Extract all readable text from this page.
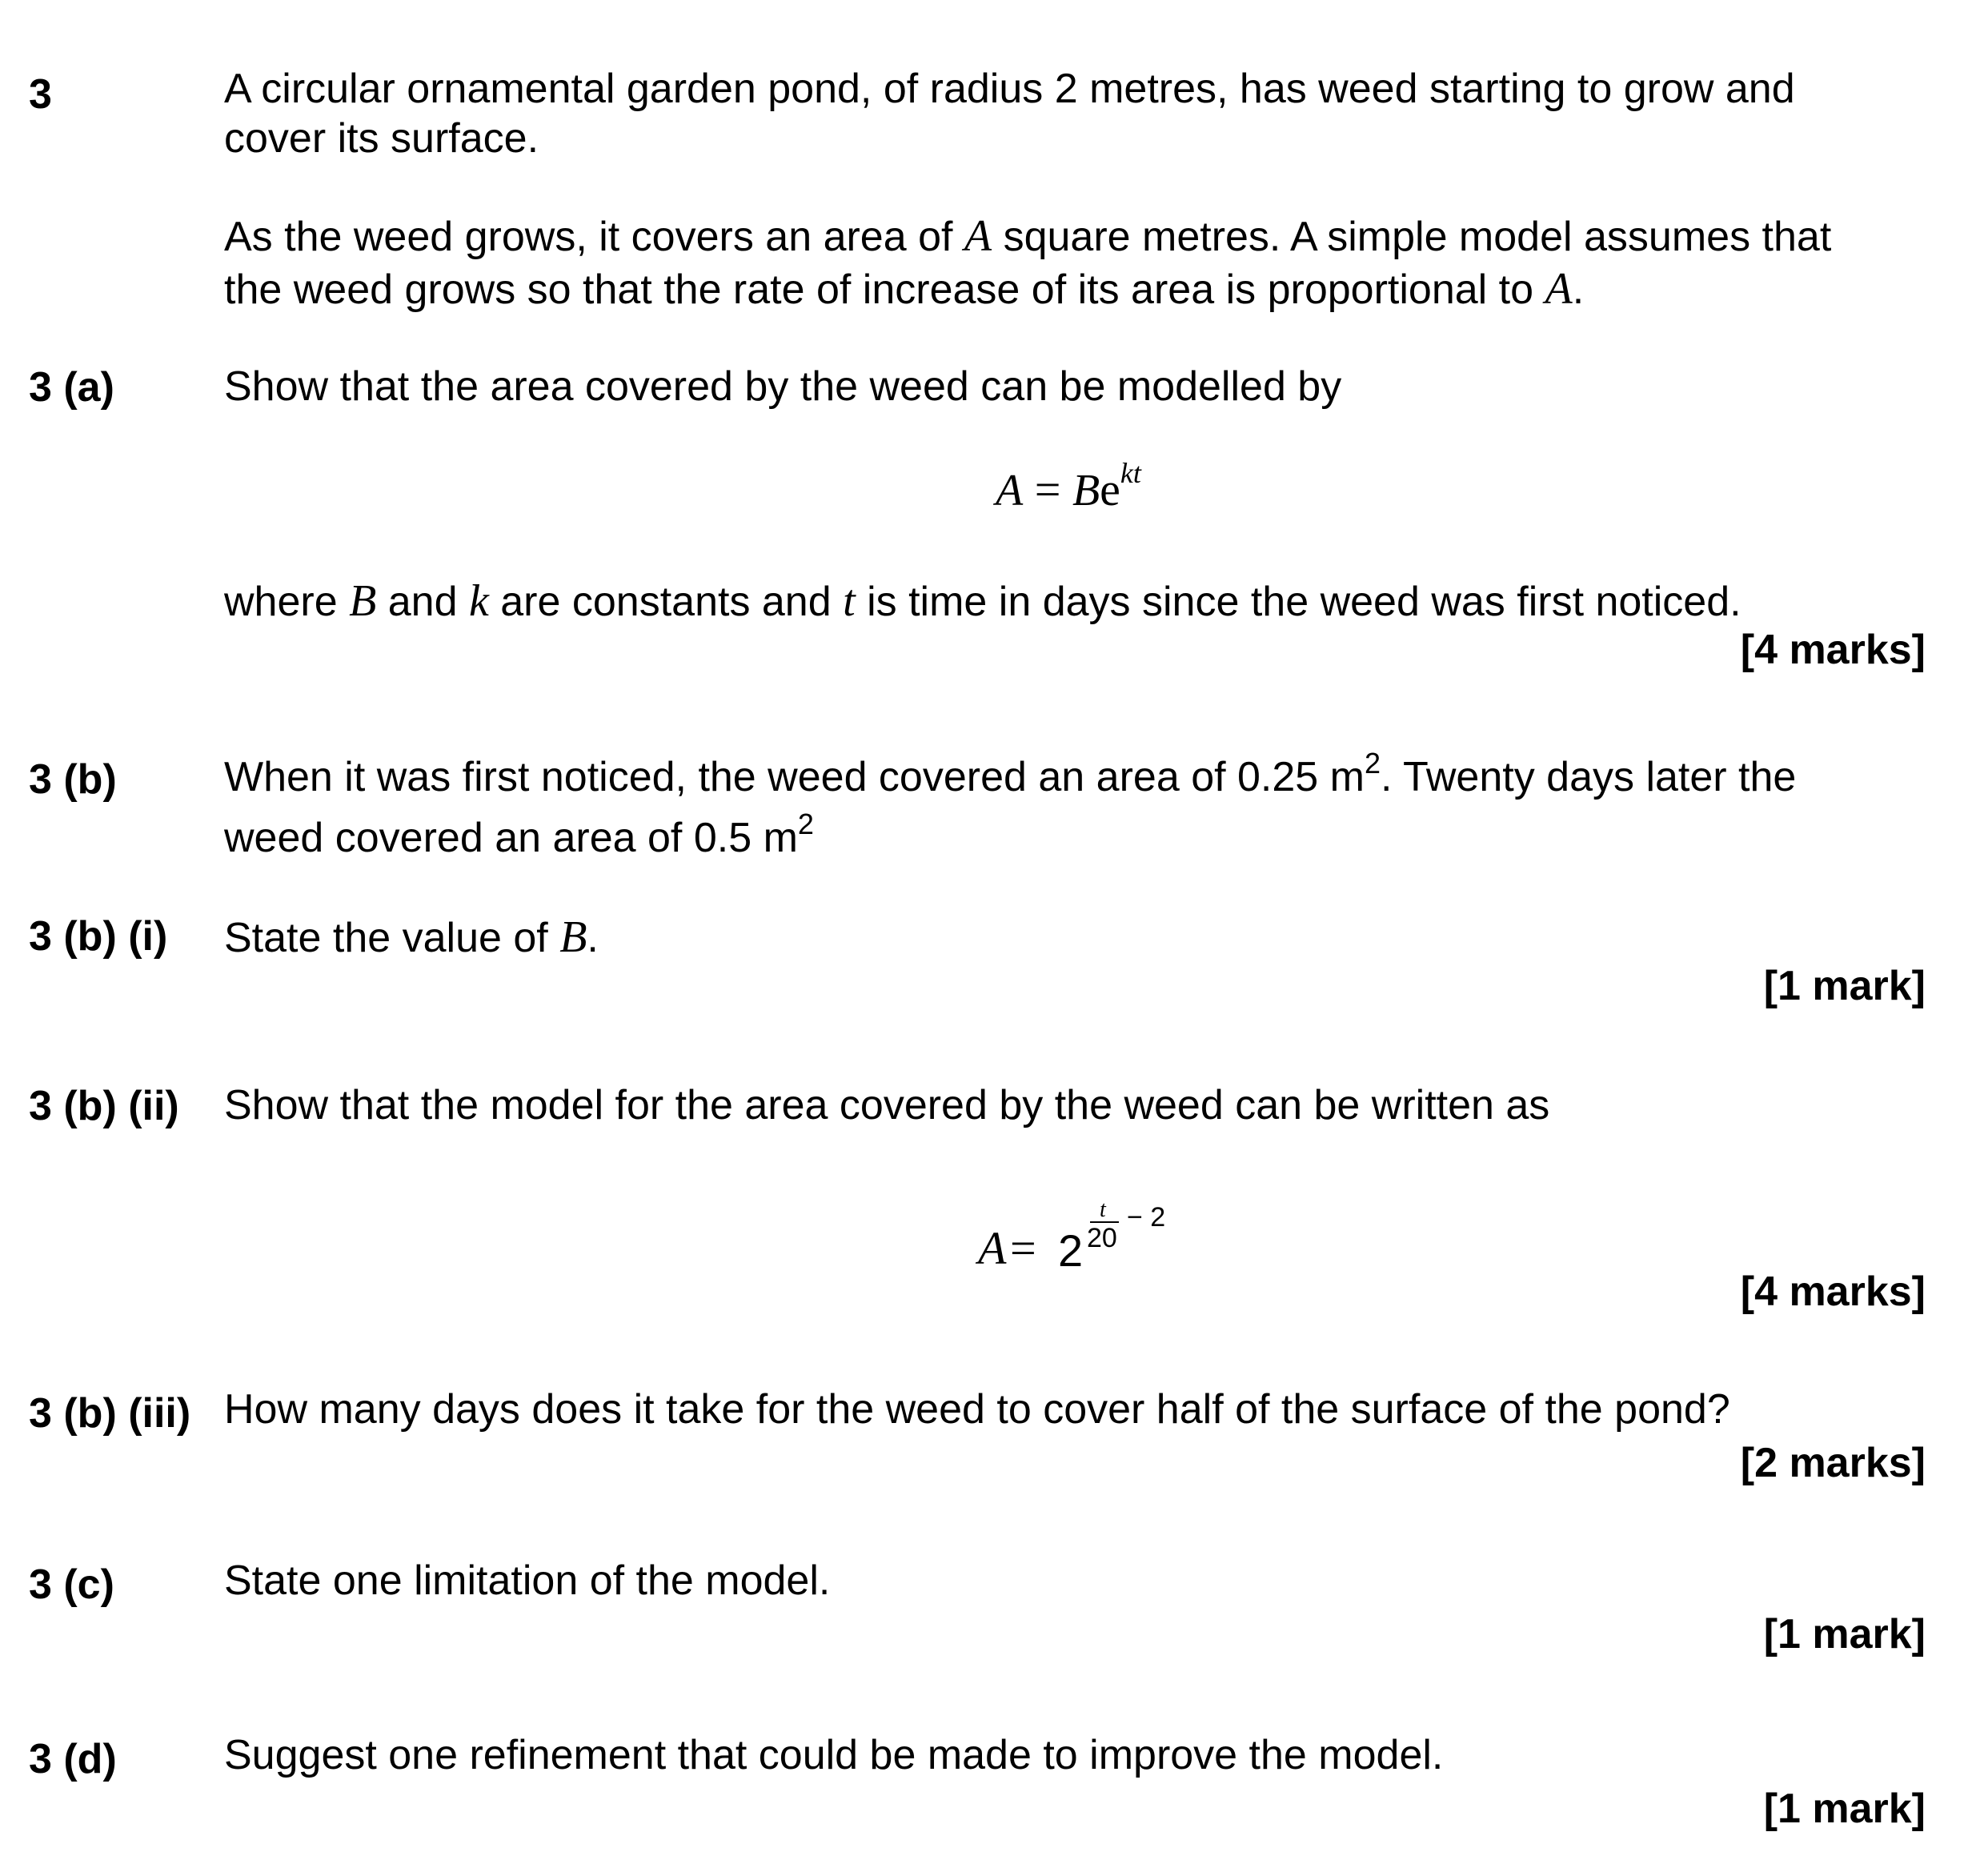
3	A circular ornamental garden pond, of radius 2 metres, has weed starting to grow and
cover its surface.
As the weed grows, it covers an area of A square metres. A simple model assumes that
the weed grows so that the rate of increase of its area is proportional to A.
3 (a)	Show that the area covered by the weed can be modelled by
$A = Be^{kt}$
where B and k are constants and t is time in days since the weed was first noticed.
[4 marks]
3 (b)	When it was first noticed, the weed covered an area of 0.25 $m^2$. Twenty days later the
weed covered an area of 0.5 $m^2$
3 (b) (i) State the value of B.
[1 mark]
3 (b) (ii) Show that the model for the area covered by the weed can be written as
A = 2
t
20
− 2
[4 marks]
3 (b) (iii) How many days does it take for the weed to cover half of the surface of the pond?
[2 marks]
3 (c)	State one limitation of the model.
[1 mark]
3 (d)	Suggest one refinement that could be made to improve the model.
[1 mark]
